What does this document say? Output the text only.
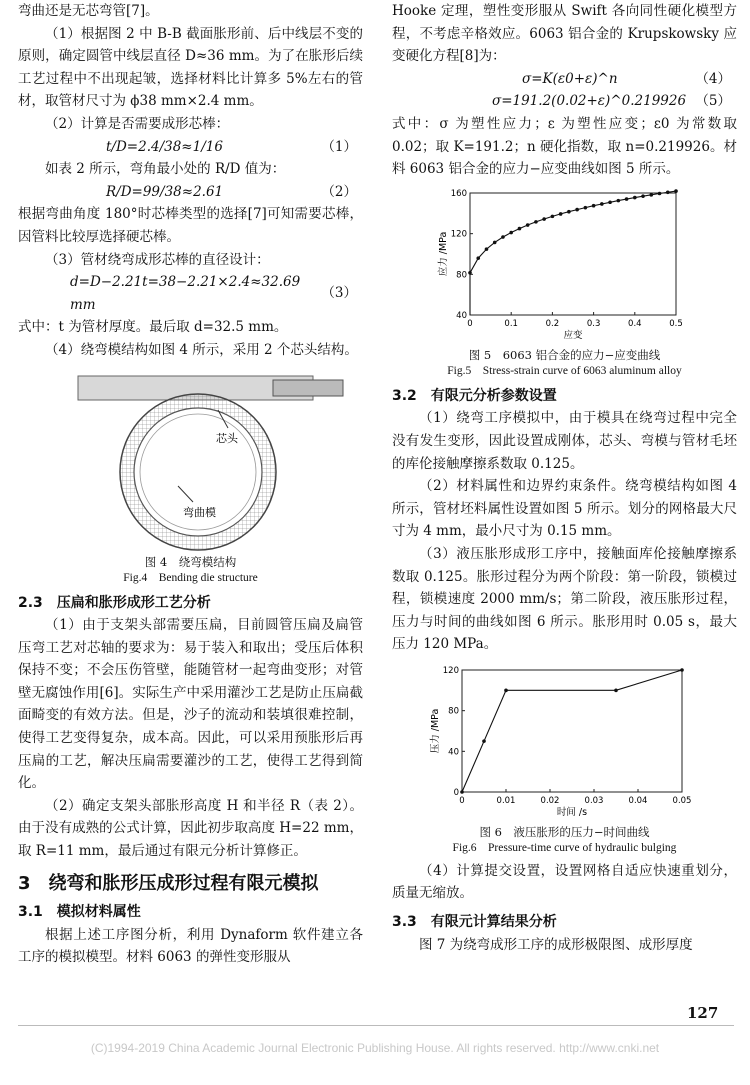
弯曲还是无芯弯管[7]。

（1）根据图 2 中 B-B 截面胀形前、后中线层不变的原则，确定圆管中线层直径 D≈36 mm。为了在胀形后续工艺过程中不出现起皱，选择材料比计算多 5%左右的管材，取管材尺寸为 ϕ38 mm×2.4 mm。

（2）计算是否需要成形芯棒：

t/D=2.4/38≈1/16	（1）

如表 2 所示，弯角最小处的 R/D 值为：

R/D=99/38≈2.61	（2）

根据弯曲角度 180°时芯棒类型的选择[7]可知需要芯棒，因管料比较厚选择硬芯棒。

（3）管材绕弯成形芯棒的直径设计：

d=D−2.21t=38−2.21×2.4≈32.69 mm
（3）

式中：t 为管材厚度。最后取 d=32.5 mm。

（4）绕弯模结构如图 4 所示，采用 2 个芯头结构。

芯头
弯曲模
图 4　绕弯模结构
Fig.4　Bending die structure

2.3　压扁和胀形成形工艺分析

（1）由于支架头部需要压扁，目前圆管压扁及扁管压弯工艺对芯轴的要求为：易于装入和取出；受压后体积保持不变；不会压伤管壁，能随管材一起弯曲变形；对管壁无腐蚀作用[6]。实际生产中采用灌沙工艺是防止压扁截面畸变的有效方法。但是，沙子的流动和装填很难控制，使得工艺变得复杂，成本高。因此，可以采用预胀形后再压扁的工艺，解决压扁需要灌沙的工艺，使得工艺得到简化。

（2）确定支架头部胀形高度 H 和半径 R（表 2）。由于没有成熟的公式计算，因此初步取高度 H=22 mm，取 R=11 mm，最后通过有限元分析计算修正。

3　绕弯和胀形压成形过程有限元模拟

3.1　模拟材料属性

根据上述工序图分析，利用 Dynaform 软件建立各工序的模拟模型。材料 6063 的弹性变形服从

Hooke 定理，塑性变形服从 Swift 各向同性硬化模型方程，不考虑辛格效应。6063 铝合金的 Krupskowsky 应变硬化方程[8]为：

σ=K(ε0+ε)^n	（4）
σ=191.2(0.02+ε)^0.219926 （5）

式中：σ 为塑性应力；ε 为塑性应变；ε0 为常数取 0.02；取 K=191.2；n 硬化指数，取 n=0.219926。材料 6063 铝合金的应力−应变曲线如图 5 所示。

0	0.1	0.2	0.3	0.4	0.5
40
80
120
160
应变
应力 /MPa
图 5　6063 铝合金的应力−应变曲线
Fig.5　Stress-strain curve of 6063 aluminum alloy

3.2　有限元分析参数设置

（1）绕弯工序模拟中，由于模具在绕弯过程中完全没有发生变形，因此设置成刚体，芯头、弯模与管材毛坯的库伦接触摩擦系数取 0.125。

（2）材料属性和边界约束条件。绕弯模结构如图 4 所示，管材坯料属性设置如图 5 所示。划分的网格最大尺寸为 4 mm，最小尺寸为 0.15 mm。

（3）液压胀形成形工序中，接触面库伦接触摩擦系数取 0.125。胀形过程分为两个阶段：第一阶段，锁模过程，锁模速度 2000 mm/s；第二阶段，液压胀形过程，压力与时间的曲线如图 6 所示。胀形用时 0.05 s，最大压力 120 MPa。

0	0.01	0.02	0.03	0.04	0.05
0
40
80
120
时间 /s
压力 /MPa
图 6　液压胀形的压力−时间曲线
Fig.6　Pressure-time curve of hydraulic bulging

（4）计算提交设置，设置网格自适应快速重划分，质量无缩放。

3.3　有限元计算结果分析

图 7 为绕弯成形工序的成形极限图、成形厚度

127
(C)1994-2019 China Academic Journal Electronic Publishing House. All rights reserved. http://www.cnki.net
